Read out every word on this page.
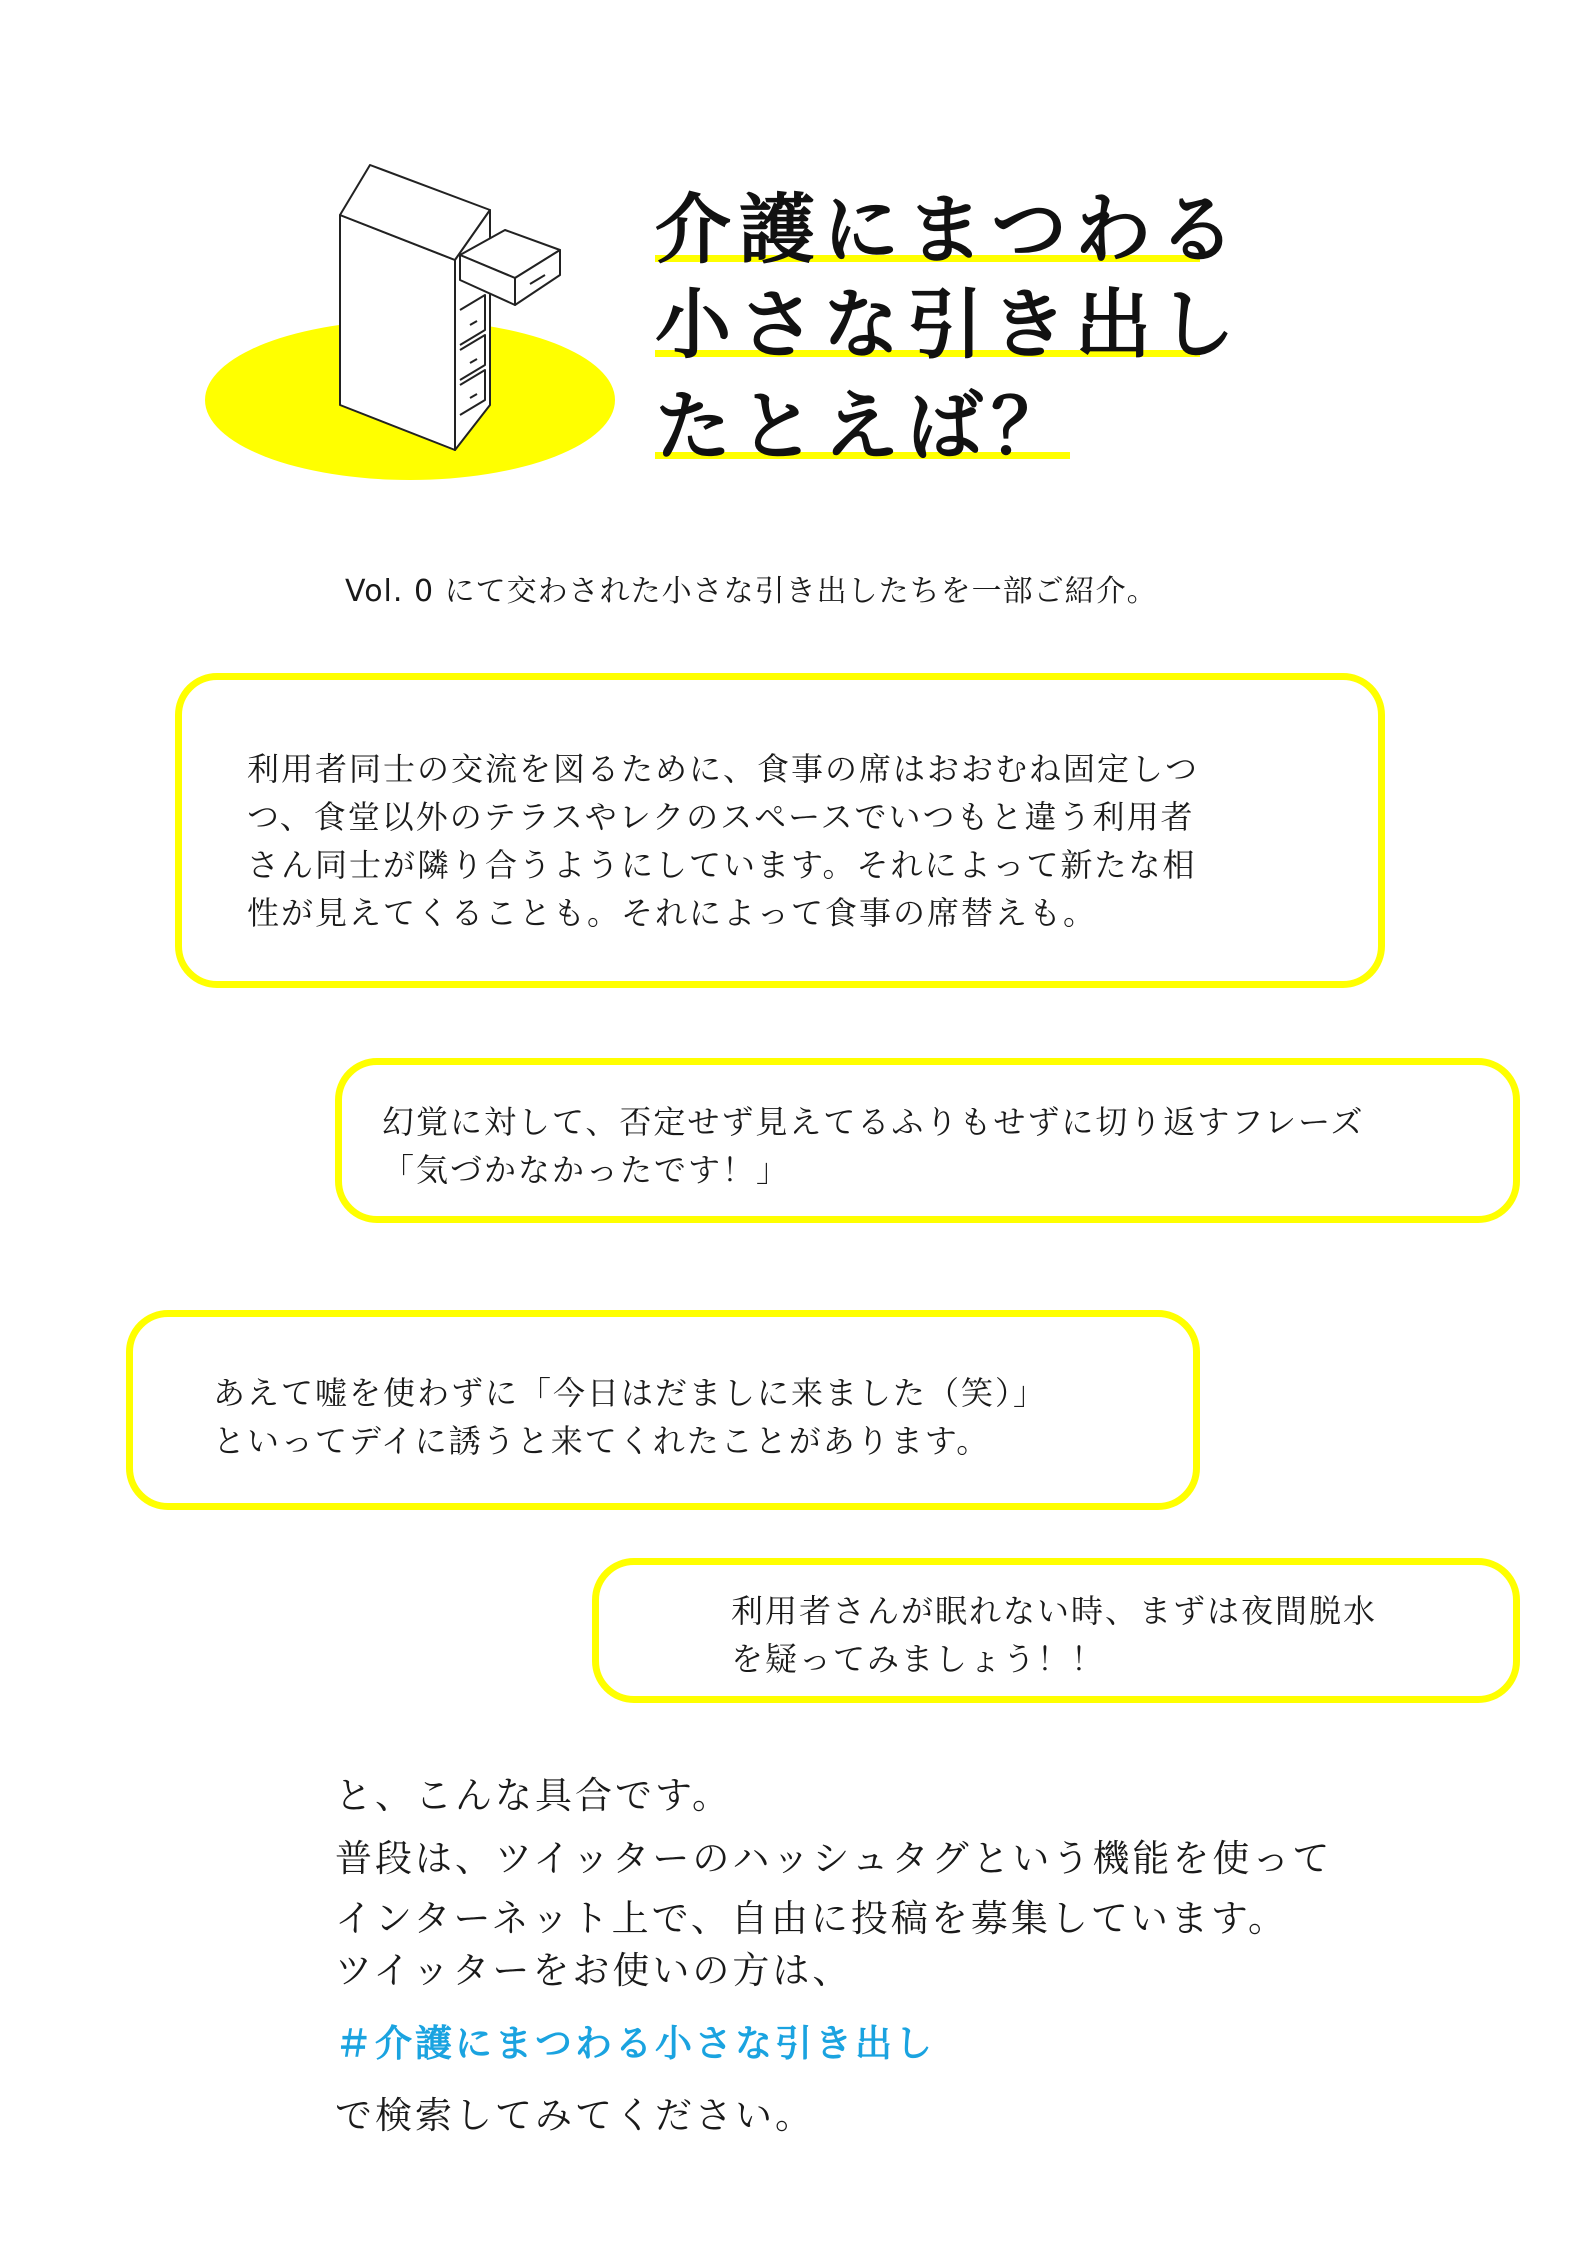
介護にまつわる
小さな引き出し
たとえば？
Vol. 0 にて交わされた小さな引き出したちを一部ご紹介。

利用者同士の交流を図るために、食事の席はおおむね固定しつ

つ、食堂以外のテラスやレクのスペースでいつもと違う利用者

さん同士が隣り合うようにしています。それによって新たな相

性が見えてくることも。それによって食事の席替えも。

幻覚に対して、否定せず見えてるふりもせずに切り返すフレーズ

「気づかなかったです！」

あえて嘘を使わずに「今日はだましに来ました（笑）」

といってデイに誘うと来てくれたことがあります。

利用者さんが眠れない時、まずは夜間脱水

を疑ってみましょう！！

と、こんな具合です。
普段は、ツイッターのハッシュタグという機能を使って
インターネット上で、自由に投稿を募集しています。
ツイッターをお使いの方は、
＃介護にまつわる小さな引き出し
で検索してみてください。
